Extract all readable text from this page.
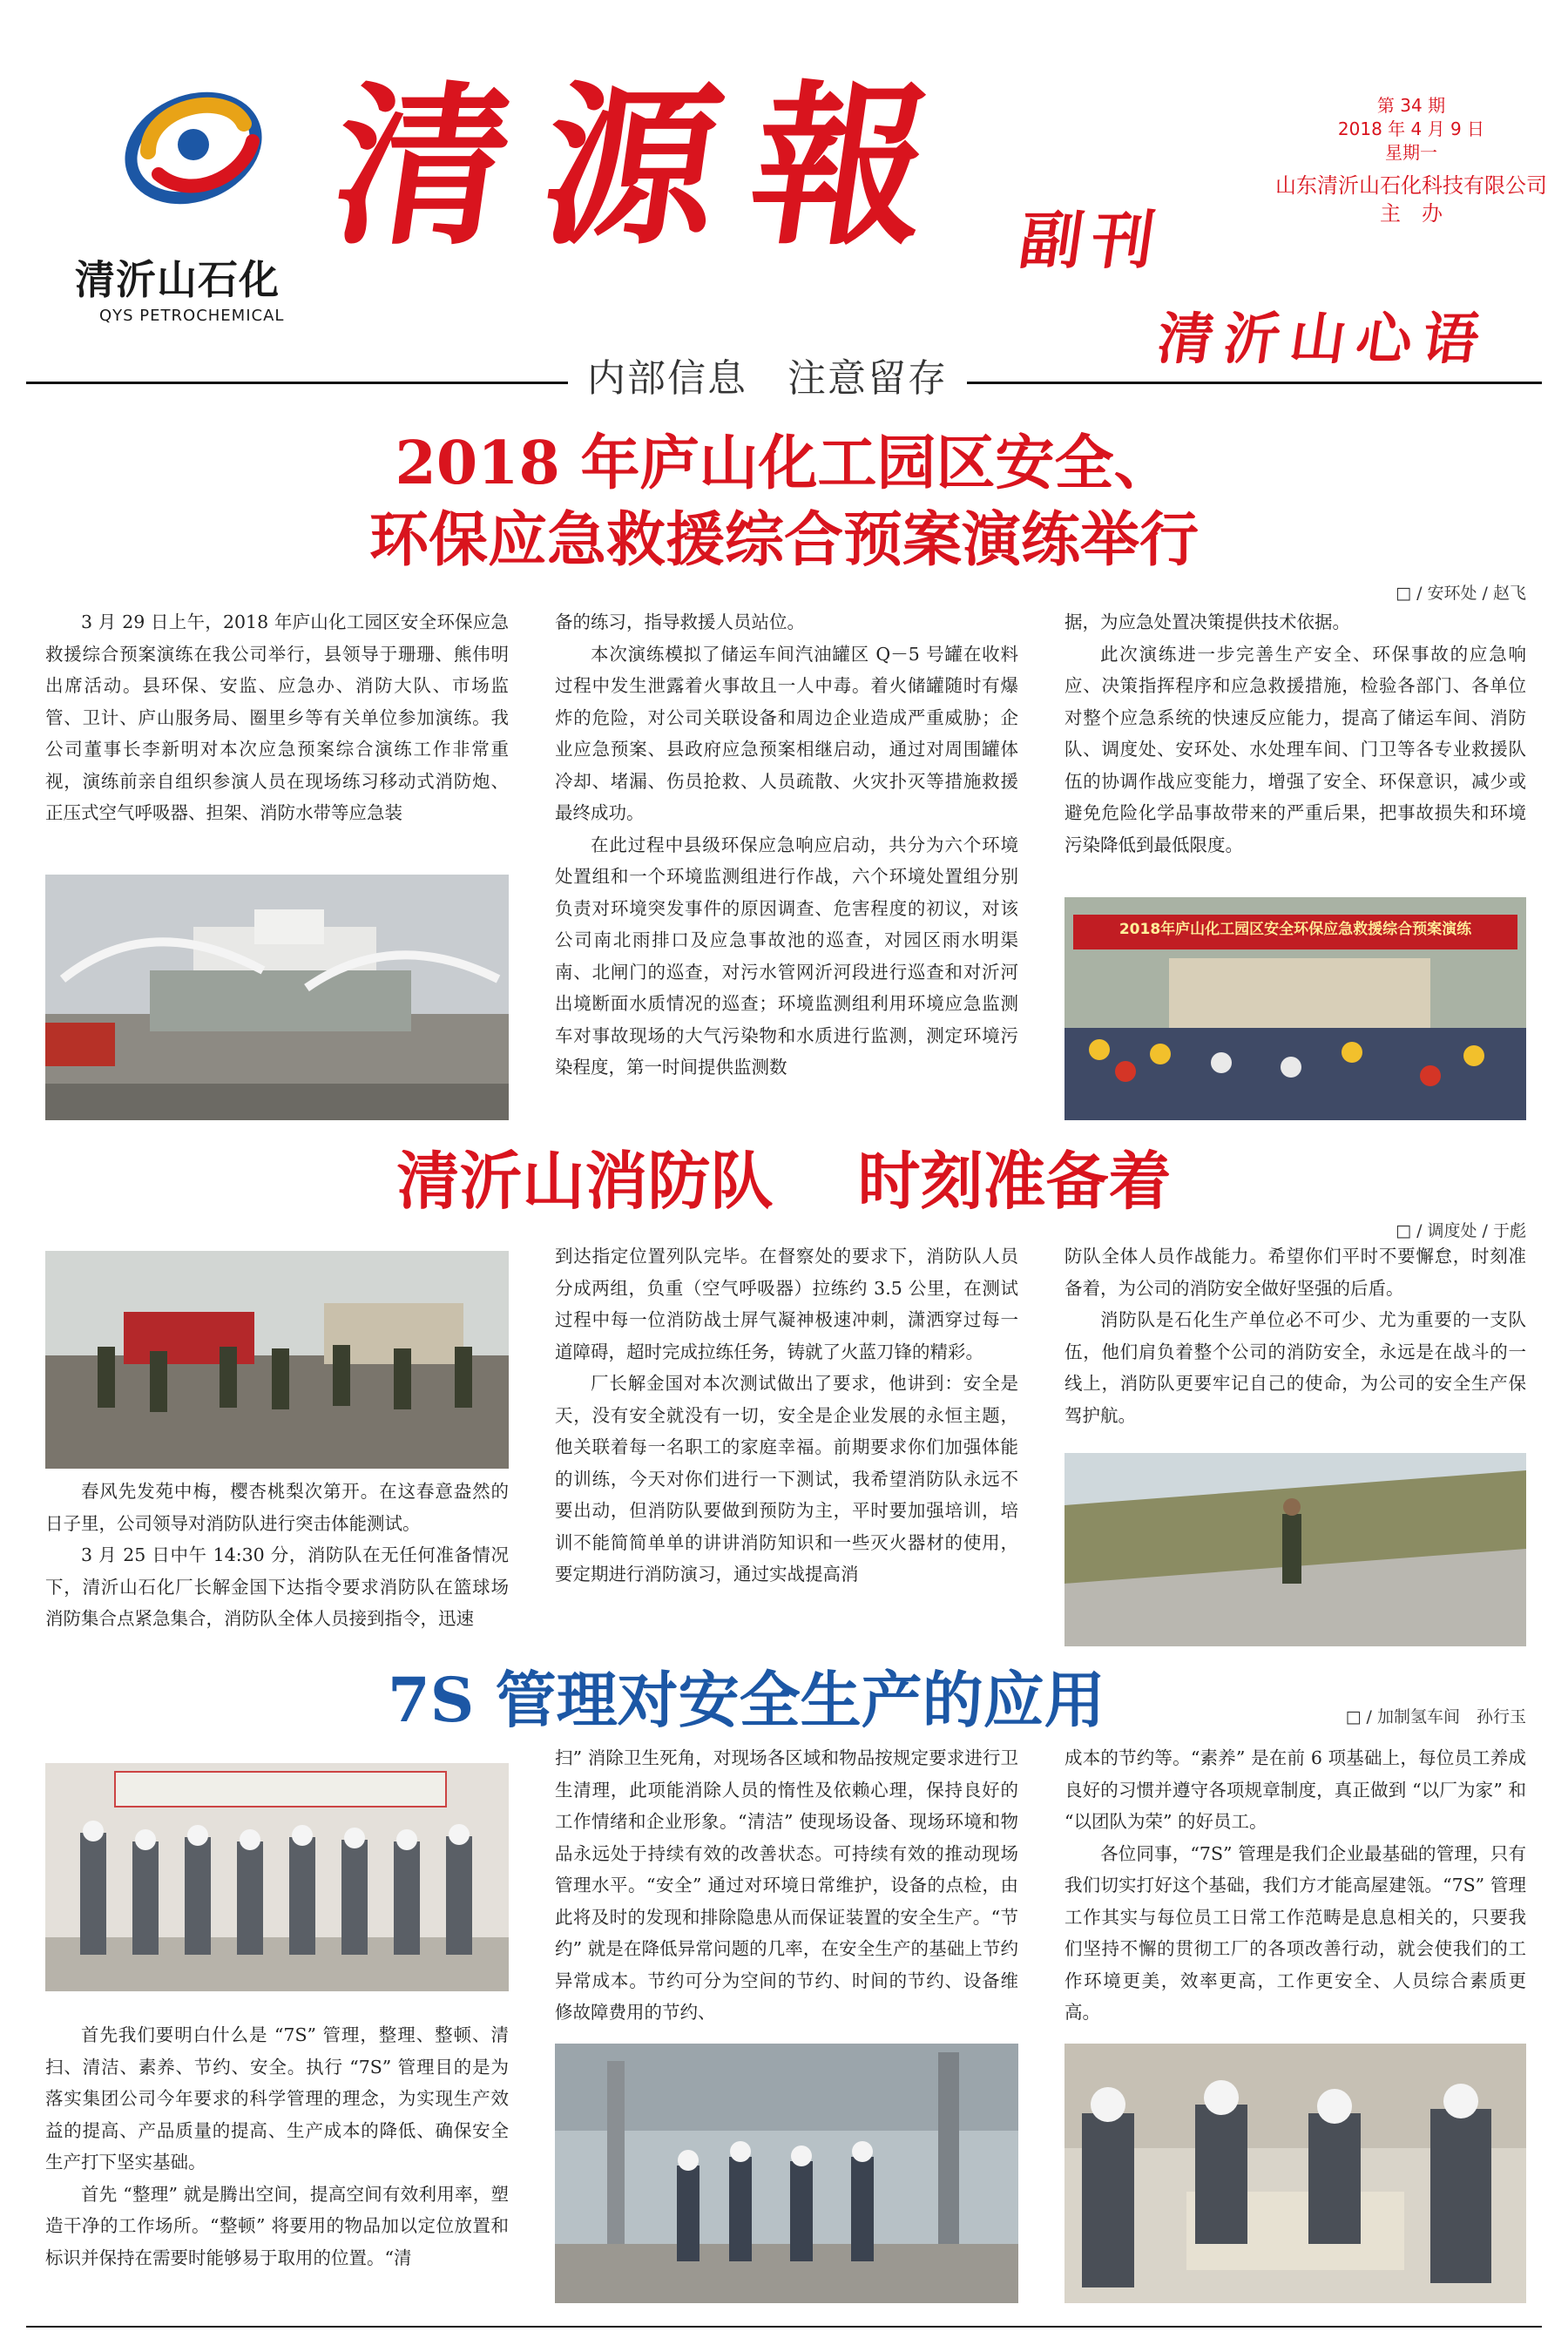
清沂山石化
QYS PETROCHEMICAL
清源報 副刊
第 34 期
2018 年 4 月 9 日
星期一
山东清沂山石化科技有限公司
主　办
清沂山心语
内部信息　注意留存
2018 年庐山化工园区安全、
环保应急救援综合预案演练举行
□ / 安环处 / 赵飞

3 月 29 日上午，2018 年庐山化工园区安全环保应急救援综合预案演练在我公司举行，县领导于珊珊、熊伟明出席活动。县环保、安监、应急办、消防大队、市场监管、卫计、庐山服务局、圈里乡等有关单位参加演练。我公司董事长李新明对本次应急预案综合演练工作非常重视，演练前亲自组织参演人员在现场练习移动式消防炮、正压式空气呼吸器、担架、消防水带等应急装

备的练习，指导救援人员站位。

本次演练模拟了储运车间汽油罐区 Q－5 号罐在收料过程中发生泄露着火事故且一人中毒。着火储罐随时有爆炸的危险，对公司关联设备和周边企业造成严重威胁；企业应急预案、县政府应急预案相继启动，通过对周围罐体冷却、堵漏、伤员抢救、人员疏散、火灾扑灭等措施救援最终成功。

在此过程中县级环保应急响应启动，共分为六个环境处置组和一个环境监测组进行作战，六个环境处置组分别负责对环境突发事件的原因调查、危害程度的初议，对该公司南北雨排口及应急事故池的巡查，对园区雨水明渠南、北闸门的巡查，对污水管网沂河段进行巡查和对沂河出境断面水质情况的巡查；环境监测组利用环境应急监测车对事故现场的大气污染物和水质进行监测，测定环境污染程度，第一时间提供监测数

据，为应急处置决策提供技术依据。

此次演练进一步完善生产安全、环保事故的应急响应、决策指挥程序和应急救援措施，检验各部门、各单位对整个应急系统的快速反应能力，提高了储运车间、消防队、调度处、安环处、水处理车间、门卫等各专业救援队伍的协调作战应变能力，增强了安全、环保意识，减少或避免危险化学品事故带来的严重后果，把事故损失和环境污染降低到最低限度。

2018年庐山化工园区安全环保应急救援综合预案演练
清沂山消防队　 时刻准备着
□ / 调度处 / 于彪

春风先发苑中梅，樱杏桃梨次第开。在这春意盎然的日子里，公司领导对消防队进行突击体能测试。

3 月 25 日中午 14:30 分，消防队在无任何准备情况下，清沂山石化厂长解金国下达指令要求消防队在篮球场消防集合点紧急集合，消防队全体人员接到指令，迅速

到达指定位置列队完毕。在督察处的要求下，消防队人员分成两组，负重（空气呼吸器）拉练约 3.5 公里，在测试过程中每一位消防战士屏气凝神极速冲刺，潇洒穿过每一道障碍，超时完成拉练任务，铸就了火蓝刀锋的精彩。

厂长解金国对本次测试做出了要求，他讲到：安全是天，没有安全就没有一切，安全是企业发展的永恒主题，他关联着每一名职工的家庭幸福。前期要求你们加强体能的训练，今天对你们进行一下测试，我希望消防队永远不要出动，但消防队要做到预防为主，平时要加强培训，培训不能简简单单的讲讲消防知识和一些灭火器材的使用，要定期进行消防演习，通过实战提高消

防队全体人员作战能力。希望你们平时不要懈怠，时刻准备着，为公司的消防安全做好坚强的后盾。

消防队是石化生产单位必不可少、尤为重要的一支队伍，他们肩负着整个公司的消防安全，永远是在战斗的一线上，消防队更要牢记自己的使命，为公司的安全生产保驾护航。

7S 管理对安全生产的应用	□ / 加制氢车间　孙行玉

首先我们要明白什么是 “7S” 管理，整理、整顿、清扫、清洁、素养、节约、安全。执行 “7S” 管理目的是为落实集团公司今年要求的科学管理的理念，为实现生产效益的提高、产品质量的提高、生产成本的降低、确保安全生产打下坚实基础。

首先 “整理” 就是腾出空间，提高空间有效利用率，塑造干净的工作场所。“整顿” 将要用的物品加以定位放置和标识并保持在需要时能够易于取用的位置。“清

扫” 消除卫生死角，对现场各区域和物品按规定要求进行卫生清理，此项能消除人员的惰性及依赖心理，保持良好的工作情绪和企业形象。“清洁” 使现场设备、现场环境和物品永远处于持续有效的改善状态。可持续有效的推动现场管理水平。“安全” 通过对环境日常维护，设备的点检，由此将及时的发现和排除隐患从而保证装置的安全生产。“节约” 就是在降低异常问题的几率，在安全生产的基础上节约异常成本。节约可分为空间的节约、时间的节约、设备维修故障费用的节约、

成本的节约等。“素养” 是在前 6 项基础上，每位员工养成良好的习惯并遵守各项规章制度，真正做到 “以厂为家” 和 “以团队为荣” 的好员工。

各位同事，“7S” 管理是我们企业最基础的管理，只有我们切实打好这个基础，我们方才能高屋建瓴。“7S” 管理工作其实与每位员工日常工作范畴是息息相关的，只要我们坚持不懈的贯彻工厂的各项改善行动，就会使我们的工作环境更美，效率更高，工作更安全、人员综合素质更高。
